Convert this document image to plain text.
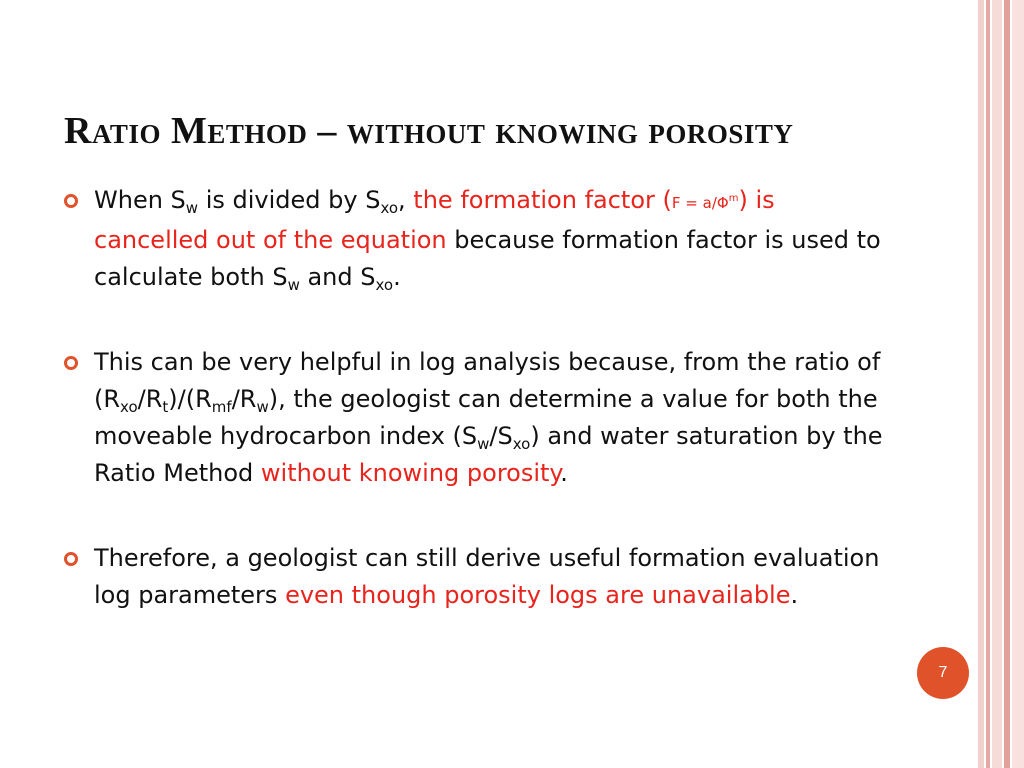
Ratio Method – without knowing porosity
When $S_w$ is divided by $S_{xo}$, the formation factor $(F = a/\Phi^m)$ is cancelled out of the equation because formation factor is used to calculate both $S_w$ and $S_{xo}$.
This can be very helpful in log analysis because, from the ratio of $(R_{xo}/R_t)/(R_{mf}/R_w)$, the geologist can determine a value for both the moveable hydrocarbon index $(S_w/S_{xo})$ and water saturation by the Ratio Method without knowing porosity.
Therefore, a geologist can still derive useful formation evaluation log parameters even though porosity logs are unavailable.
7
